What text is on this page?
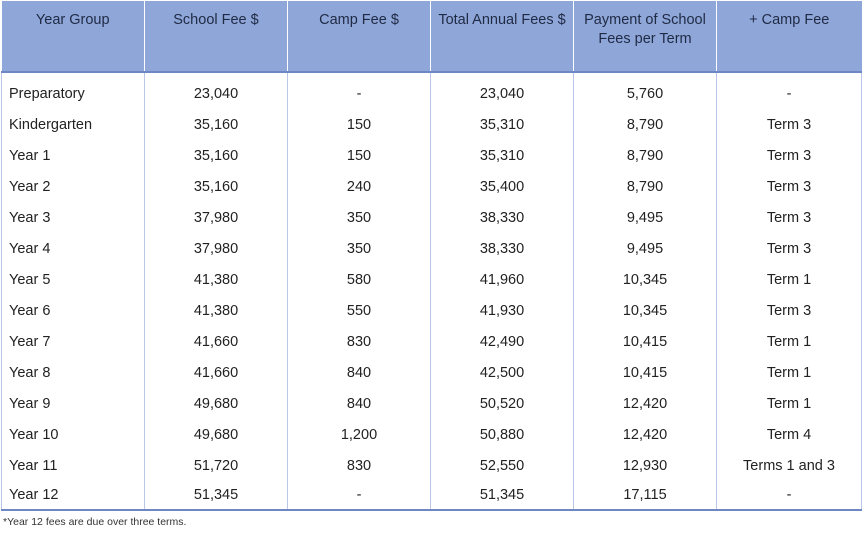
Year Group	School Fee $	Camp Fee $	Total Annual Fees $	Payment of School Fees per Term	+ Camp Fee
Preparatory	23,040	-	23,040	5,760	-
Kindergarten	35,160	150	35,310	8,790	Term 3
Year 1	35,160	150	35,310	8,790	Term 3
Year 2	35,160	240	35,400	8,790	Term 3
Year 3	37,980	350	38,330	9,495	Term 3
Year 4	37,980	350	38,330	9,495	Term 3
Year 5	41,380	580	41,960	10,345	Term 1
Year 6	41,380	550	41,930	10,345	Term 3
Year 7	41,660	830	42,490	10,415	Term 1
Year 8	41,660	840	42,500	10,415	Term 1
Year 9	49,680	840	50,520	12,420	Term 1
Year 10	49,680	1,200	50,880	12,420	Term 4
Year 11	51,720	830	52,550	12,930	Terms 1 and 3
Year 12	51,345	-	51,345	17,115	-
*Year 12 fees are due over three terms.
